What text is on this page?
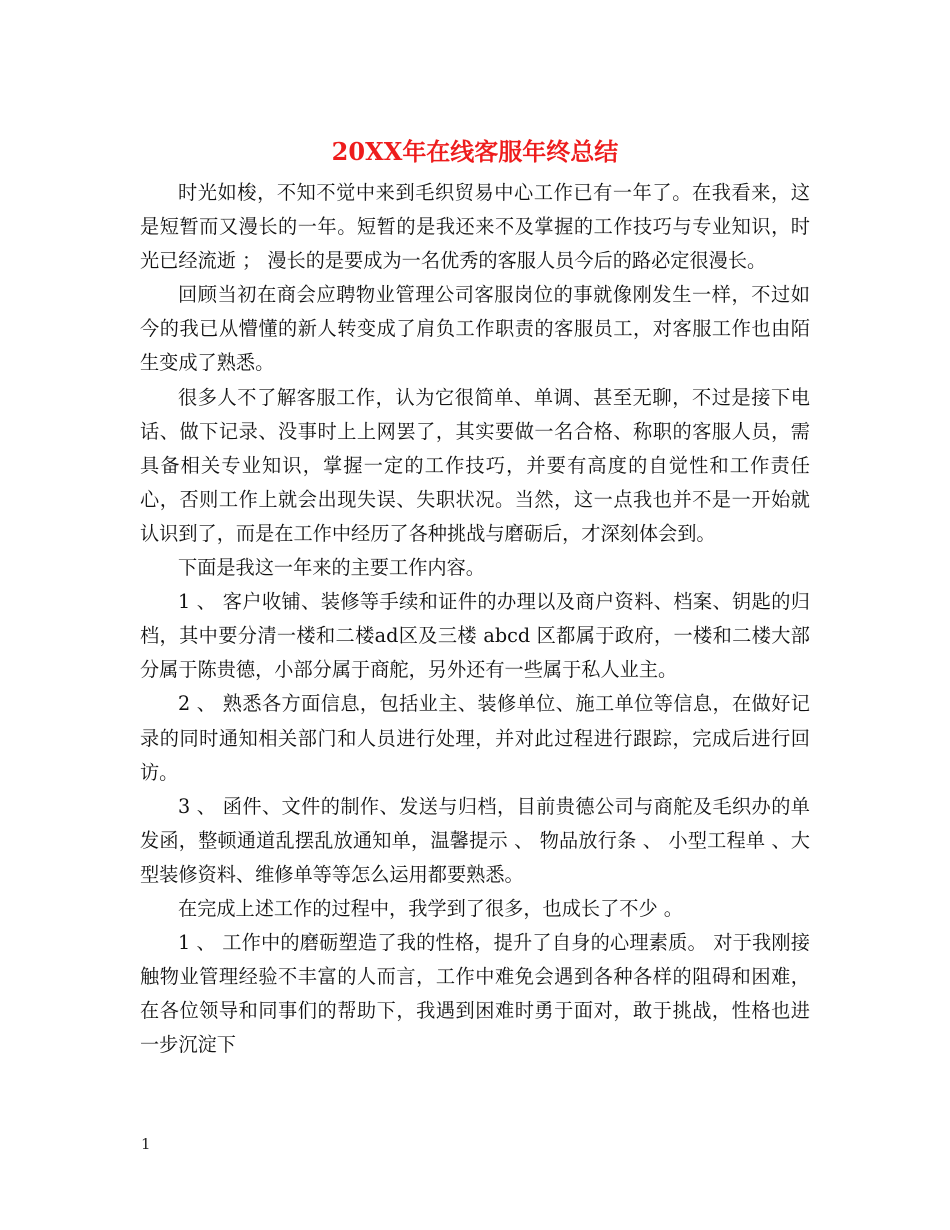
20XX年在线客服年终总结

时光如梭，不知不觉中来到毛织贸易中心工作已有一年了。在我看来，这是短暂而又漫长的一年。短暂的是我还来不及掌握的工作技巧与专业知识，时光已经流逝 ； 漫长的是要成为一名优秀的客服人员今后的路必定很漫长。

回顾当初在商会应聘物业管理公司客服岗位的事就像刚发生一样，不过如今的我已从懵懂的新人转变成了肩负工作职责的客服员工，对客服工作也由陌生变成了熟悉。

很多人不了解客服工作，认为它很简单、单调、甚至无聊，不过是接下电话、做下记录、没事时上上网罢了，其实要做一名合格、称职的客服人员，需具备相关专业知识，掌握一定的工作技巧，并要有高度的自觉性和工作责任心，否则工作上就会出现失误、失职状况。当然，这一点我也并不是一开始就认识到了，而是在工作中经历了各种挑战与磨砺后，才深刻体会到。

下面是我这一年来的主要工作内容。

1 、 客户收铺、装修等手续和证件的办理以及商户资料、档案、钥匙的归档，其中要分清一楼和二楼ad区及三楼 abcd 区都属于政府，一楼和二楼大部分属于陈贵德，小部分属于商舵，另外还有一些属于私人业主。

2 、 熟悉各方面信息，包括业主、装修单位、施工单位等信息，在做好记录的同时通知相关部门和人员进行处理，并对此过程进行跟踪，完成后进行回访。

3 、 函件、文件的制作、发送与归档，目前贵德公司与商舵及毛织办的单发函，整顿通道乱摆乱放通知单，温馨提示 、 物品放行条 、 小型工程单 、大型装修资料、维修单等等怎么运用都要熟悉。

在完成上述工作的过程中，我学到了很多，也成长了不少 。

1 、 工作中的磨砺塑造了我的性格，提升了自身的心理素质。 对于我刚接触物业管理经验不丰富的人而言，工作中难免会遇到各种各样的阻碍和困难，在各位领导和同事们的帮助下，我遇到困难时勇于面对，敢于挑战，性格也进一步沉淀下

1
